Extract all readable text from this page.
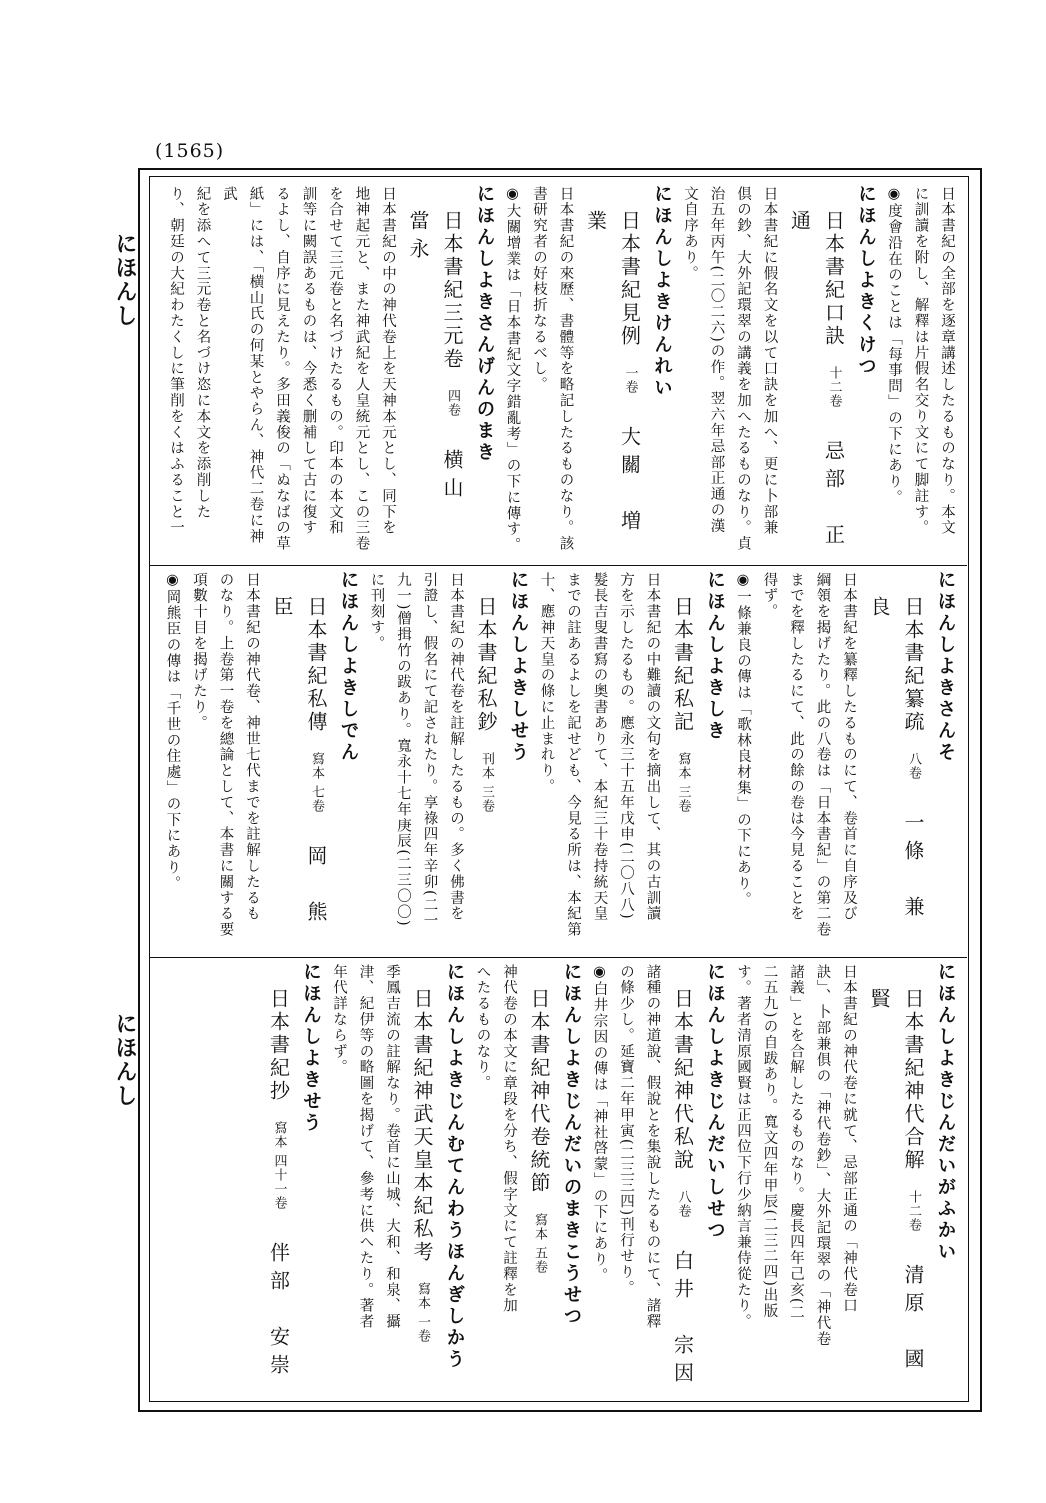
(1565)
にほんし
にほんし

日本書紀の全部を逐章講述したるものなり。本文

に訓讀を附し、解釋は片假名交り文にて脚註す。

◉度會沿在のことは「每事問」の下にあり。

にほんしよきくけつ

日本書紀口訣十二卷忌部　正通

日本書紀に假名文を以て口訣を加へ、更に卜部兼

倶の鈔、大外記環翠の講義を加へたるものなり。貞

治五年丙午(二〇二六)の作。翌六年忌部正通の漢

文自序あり。

にほんしよきけんれい

日本書紀見例一卷大關　増業

日本書紀の來歷、書體等を略記したるものなり。該

書研究者の好枝折なるべし。

◉大關增業は「日本書紀文字錯亂考」の下に傳す。

にほんしよきさんげんのまき

日本書紀三元卷四卷横山　當永

日本書紀の中の神代卷上を天神本元とし、同下を

地神起元と、また神武紀を人皇統元とし、この三卷

を合せて三元卷と名づけたるもの。印本の本文和

訓等に闕誤あるものは、今悉く删補して古に復す

るよし、自序に見えたり。多田義俊の「ぬなばの草

紙」には、「横山氏の何某とやらん、神代二卷に神武

紀を添へて三元卷と名づけ恣に本文を添削した

り、朝廷の大紀わたくしに筆削をくはふること一

にほんしよきさんそ

日本書紀纂疏八卷一條　兼良

日本書紀を纂釋したるものにて、卷首に自序及び

綱領を揭げたり。此の八卷は「日本書紀」の第二卷

までを釋したるにて、此の餘の卷は今見ることを

得ず。

◉一條兼良の傳は「歌林良材集」の下にあり。

にほんしよきしき

日本書紀私記寫本 三卷

日本書紀の中難讀の文句を摘出して、其の古訓讀

方を示したるもの。應永三十五年戊申(二〇八八)

髮長吉叟書寫の奥書ありて、本紀三十卷持統天皇

までの註あるよしを記せども、今見る所は、本紀第

十、應神天皇の條に止まれり。

にほんしよきしせう

日本書紀私鈔刊本 三卷

日本書紀の神代卷を註解したるもの。多く佛書を

引證し、假名にて記されたり。享祿四年辛卯(二一

九一)僧揖竹の跋あり。寬永十七年庚辰(二三〇〇)

に刊刻す。

にほんしよきしでん

日本書紀私傳寫本 七卷岡　熊臣

日本書紀の神代卷、神世七代までを註解したるも

のなり。上卷第一卷を總論として、本書に關する要

項數十目を揭げたり。

◉岡熊臣の傳は「千世の住處」の下にあり。

にほんしよきじんだいがふかい

日本書紀神代合解十二卷清原　國賢

日本書紀の神代卷に就て、忌部正通の「神代卷口

訣」、卜部兼俱の「神代卷鈔」、大外記環翠の「神代卷

諸義」とを合解したるものなり。慶長四年己亥(二

二五九)の自跋あり。寬文四年甲辰(二三二四)出版

す。著者清原國賢は正四位下行少納言兼侍從たり。

にほんしよきじんだいしせつ

日本書紀神代私說八卷白井　宗因

諸種の神道說、假說とを集說したるものにて、諸釋

の條少し。延寶二年甲寅(二三三四)刊行せり。

◉白井宗因の傳は「神社啓蒙」の下にあり。

にほんしよきじんだいのまきこうせつ

日本書紀神代卷統節寫本 五卷

神代卷の本文に章段を分ち、假字文にて註釋を加

へたるものなり。

にほんしよきじんむてんわうほんぎしかう

日本書紀神武天皇本紀私考寫本 一卷

季鳳吉流の註解なり。卷首に山城、大和、和泉、攝

津、紀伊等の略圖を揭げて、參考に供へたり。著者

年代詳ならず。

にほんしよきせう

日本書紀抄寫本 四十一卷伴部　安崇
